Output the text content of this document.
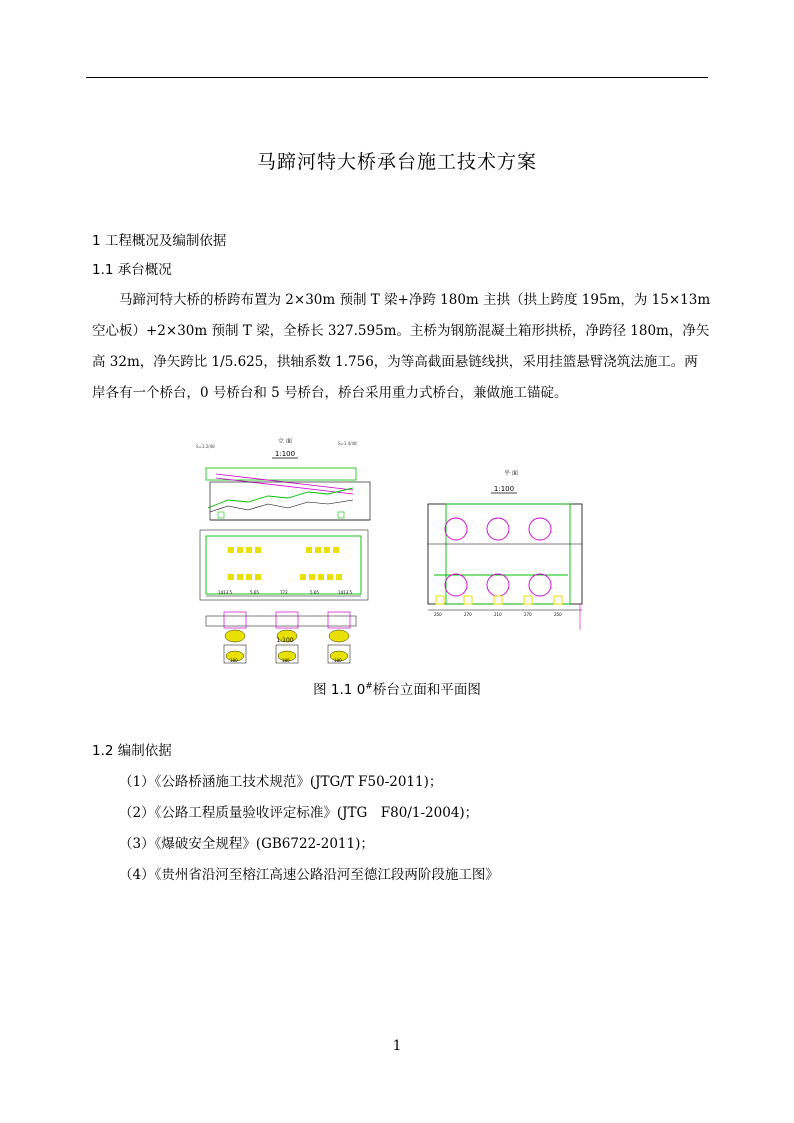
马蹄河特大桥承台施工技术方案
1 工程概况及编制依据
1.1 承台概况
马蹄河特大桥的桥跨布置为 2×30m 预制 T 梁+净跨 180m 主拱（拱上跨度 195m，为 15×13m
空心板）+2×30m 预制 T 梁，全桥长 327.595m。主桥为钢筋混凝土箱形拱桥，净跨径 180m，净矢
高 32m，净矢跨比 1/5.625，拱轴系数 1.756，为等高截面悬链线拱，采用挂篮悬臂浇筑法施工。两
岸各有一个桥台，0 号桥台和 5 号桥台，桥台采用重力式桥台，兼做施工锚碇。
立 面
1:100
S=1.2/48
S=1.4/48
1413.5	5.65	772	5.65	1413.5
1:100
180	180	180
平 面
1:100
250	270	210	270	250
图 1.1 0#桥台立面和平面图
1.2 编制依据
（1）《公路桥涵施工技术规范》(JTG/T F50-2011)；
（2）《公路工程质量验收评定标准》(JTG　F80/1-2004)；
（3）《爆破安全规程》(GB6722-2011)；
（4）《贵州省沿河至榕江高速公路沿河至德江段两阶段施工图》
1
